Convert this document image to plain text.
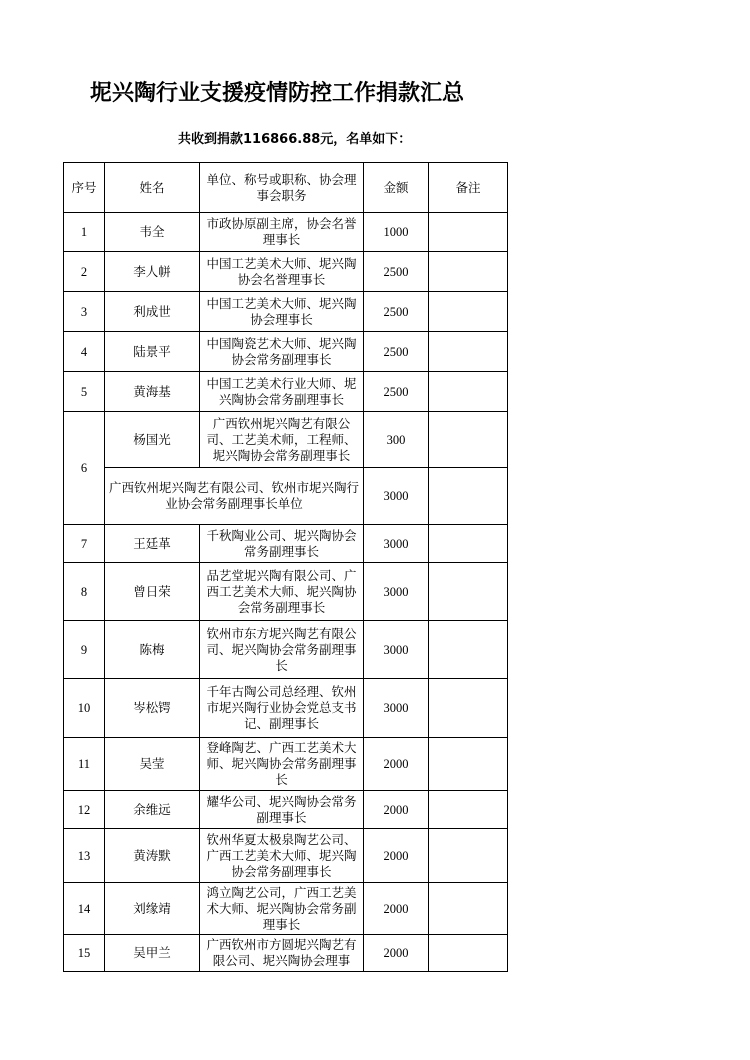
坭兴陶行业支援疫情防控工作捐款汇总
共收到捐款116866.88元，名单如下：
序号	姓名	单位、称号或职称、协会理事会职务	金额	备注
1	韦全	市政协原副主席，协会名誉理事长	1000	
2	李人帡	中国工艺美术大师、坭兴陶协会名誉理事长	2500	
3	利成世	中国工艺美术大师、坭兴陶协会理事长	2500	
4	陆景平	中国陶瓷艺术大师、坭兴陶协会常务副理事长	2500	
5	黄海基	中国工艺美术行业大师、坭兴陶协会常务副理事长	2500	
6	杨国光	广西钦州坭兴陶艺有限公司、工艺美术师，工程师、坭兴陶协会常务副理事长	300	
	广西钦州坭兴陶艺有限公司、钦州市坭兴陶行业协会常务副理事长单位		3000	
7	王廷革	千秋陶业公司、坭兴陶协会常务副理事长	3000	
8	曾日荣	品艺堂坭兴陶有限公司、广西工艺美术大师、坭兴陶协会常务副理事长	3000	
9	陈梅	钦州市东方坭兴陶艺有限公司、坭兴陶协会常务副理事长	3000	
10	岑松锷	千年古陶公司总经理、钦州市坭兴陶行业协会党总支书记、副理事长	3000	
11	吴莹	登峰陶艺、广西工艺美术大师、坭兴陶协会常务副理事长	2000	
12	余维远	耀华公司、坭兴陶协会常务副理事长	2000	
13	黄涛默	钦州华夏太极泉陶艺公司、广西工艺美术大师、坭兴陶协会常务副理事长	2000	
14	刘缘靖	鸿立陶艺公司，广西工艺美术大师、坭兴陶协会常务副理事长	2000	
15	吴甲兰	广西钦州市方圆坭兴陶艺有限公司、坭兴陶协会理事	2000	
